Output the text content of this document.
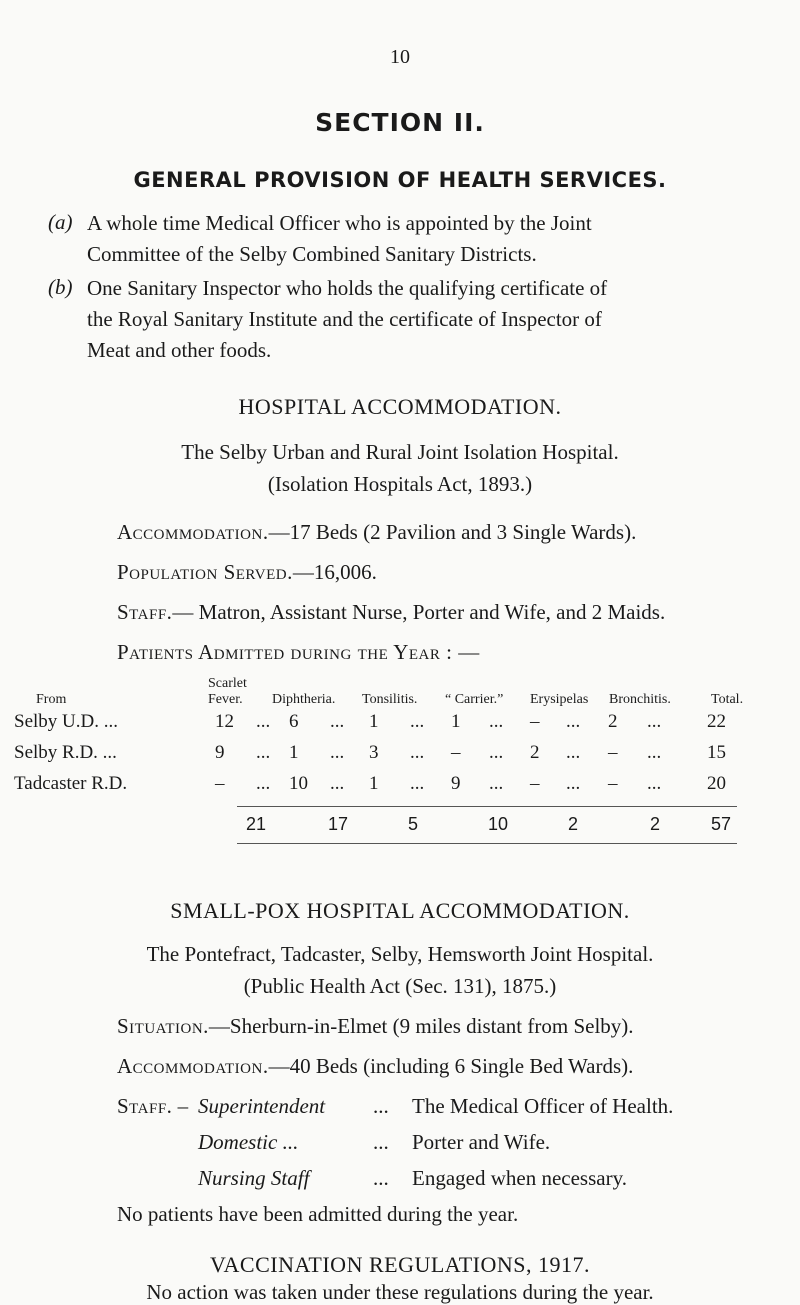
10
SECTION II.
GENERAL PROVISION OF HEALTH SERVICES.
(a) A whole time Medical Officer who is appointed by the Joint
Committee of the Selby Combined Sanitary Districts.
(b) One Sanitary Inspector who holds the qualifying certificate of
the Royal Sanitary Institute and the certificate of Inspector of
Meat and other foods.
HOSPITAL ACCOMMODATION.
The Selby Urban and Rural Joint Isolation Hospital.
(Isolation Hospitals Act, 1893.)
Accommodation.—17 Beds (2 Pavilion and 3 Single Wards).
Population Served.—16,006.
Staff.— Matron, Assistant Nurse, Porter and Wife, and 2 Maids.
Patients Admitted during the Year : —
Scarlet
From	Fever. Diphtheria. Tonsilitis. “ Carrier.” Erysipelas Bronchitis.	Total.
Selby U.D. ...	12 ... 6 ... 1 ... 1 ... – ... 2 ... 22
Selby R.D. ...	9 ... 1 ... 3 ... – ... 2 ... – ... 15
Tadcaster R.D.	– ... 10 ... 1 ... 9 ... – ... – ... 20
21	17	5	10	2	2	57
SMALL-POX HOSPITAL ACCOMMODATION.
The Pontefract, Tadcaster, Selby, Hemsworth Joint Hospital.
(Public Health Act (Sec. 131), 1875.)
Situation.—Sherburn-in-Elmet (9 miles distant from Selby).
Accommodation.—40 Beds (including 6 Single Bed Wards).
Staff. – Superintendent ... The Medical Officer of Health.
Domestic ...	... Porter and Wife.
Nursing Staff	... Engaged when necessary.
No patients have been admitted during the year.
VACCINATION REGULATIONS, 1917.
No action was taken under these regulations during the year.
